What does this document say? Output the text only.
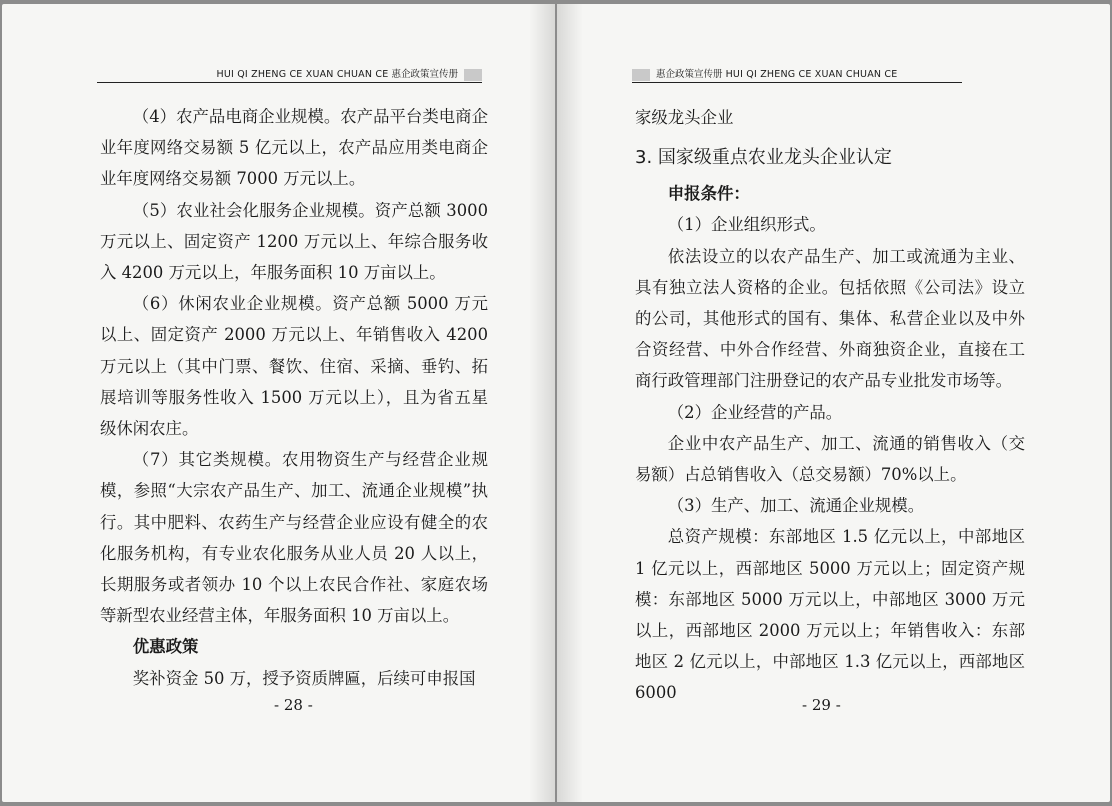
HUI QI ZHENG CE XUAN CHUAN CE 惠企政策宣传册

（4）农产品电商企业规模。农产品平台类电商企业年度网络交易额 5 亿元以上，农产品应用类电商企业年度网络交易额 7000 万元以上。

（5）农业社会化服务企业规模。资产总额 3000 万元以上、固定资产 1200 万元以上、年综合服务收入 4200 万元以上，年服务面积 10 万亩以上。

（6）休闲农业企业规模。资产总额 5000 万元以上、固定资产 2000 万元以上、年销售收入 4200 万元以上（其中门票、餐饮、住宿、采摘、垂钓、拓展培训等服务性收入 1500 万元以上），且为省五星级休闲农庄。

（7）其它类规模。农用物资生产与经营企业规模，参照“大宗农产品生产、加工、流通企业规模”执行。其中肥料、农药生产与经营企业应设有健全的农化服务机构，有专业农化服务从业人员 20 人以上，长期服务或者领办 10 个以上农民合作社、家庭农场等新型农业经营主体，年服务面积 10 万亩以上。

优惠政策

奖补资金 50 万，授予资质牌匾，后续可申报国

- 28 -
惠企政策宣传册 HUI QI ZHENG CE XUAN CHUAN CE

家级龙头企业

3. 国家级重点农业龙头企业认定

申报条件：

（1）企业组织形式。

依法设立的以农产品生产、加工或流通为主业、具有独立法人资格的企业。包括依照《公司法》设立的公司，其他形式的国有、集体、私营企业以及中外合资经营、中外合作经营、外商独资企业，直接在工商行政管理部门注册登记的农产品专业批发市场等。

（2）企业经营的产品。

企业中农产品生产、加工、流通的销售收入（交易额）占总销售收入（总交易额）70%以上。

（3）生产、加工、流通企业规模。

总资产规模：东部地区 1.5 亿元以上，中部地区 1 亿元以上，西部地区 5000 万元以上；固定资产规模：东部地区 5000 万元以上，中部地区 3000 万元以上，西部地区 2000 万元以上；年销售收入：东部地区 2 亿元以上，中部地区 1.3 亿元以上，西部地区 6000

- 29 -
